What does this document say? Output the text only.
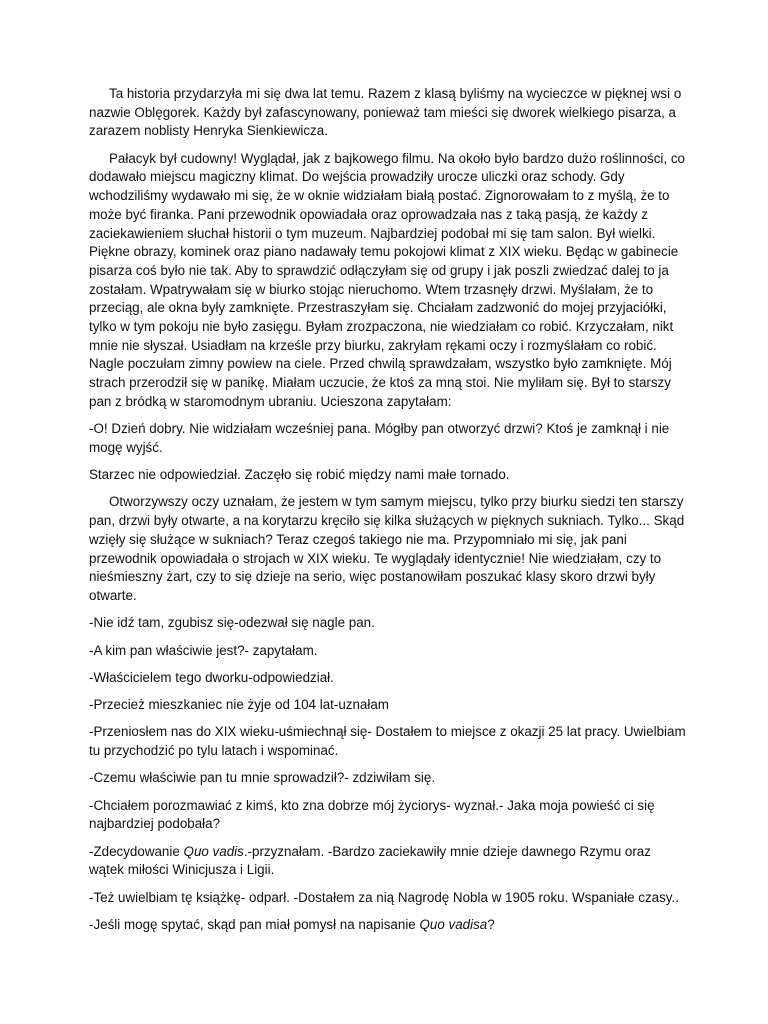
Ta historia przydarzyła mi się dwa lat temu. Razem z klasą byliśmy na wycieczce w pięknej wsi o nazwie Oblęgorek. Każdy był zafascynowany, ponieważ tam mieści się dworek wielkiego pisarza, a zarazem noblisty Henryka Sienkiewicza.

Pałacyk był cudowny! Wyglądał, jak z bajkowego filmu. Na około było bardzo dużo roślinności, co dodawało miejscu magiczny klimat. Do wejścia prowadziły urocze uliczki oraz schody. Gdy wchodziliśmy wydawało mi się, że w oknie widziałam białą postać. Zignorowałam to z myślą, że to może być firanka. Pani przewodnik opowiadała oraz oprowadzała nas z taką pasją, że każdy z zaciekawieniem słuchał historii o tym muzeum. Najbardziej podobał mi się tam salon. Był wielki. Piękne obrazy, kominek oraz piano nadawały temu pokojowi klimat z XIX wieku. Będąc w gabinecie pisarza coś było nie tak. Aby to sprawdzić odłączyłam się od grupy i jak poszli zwiedzać dalej to ja zostałam. Wpatrywałam się w biurko stojąc nieruchomo. Wtem trzasnęły drzwi. Myślałam, że to przeciąg, ale okna były zamknięte. Przestraszyłam się. Chciałam zadzwonić do mojej przyjaciółki, tylko w tym pokoju nie było zasięgu. Byłam zrozpaczona, nie wiedziałam co robić. Krzyczałam, nikt mnie nie słyszał. Usiadłam na krześle przy biurku, zakryłam rękami oczy i rozmyślałam co robić. Nagle poczułam zimny powiew na ciele. Przed chwilą sprawdzałam, wszystko było zamknięte. Mój strach przerodził się w panikę. Miałam uczucie, że ktoś za mną stoi. Nie myliłam się. Był to starszy pan z bródką w staromodnym ubraniu. Ucieszona zapytałam:

-O! Dzień dobry. Nie widziałam wcześniej pana. Mógłby pan otworzyć drzwi? Ktoś je zamknął i nie mogę wyjść.

Starzec nie odpowiedział. Zaczęło się robić między nami małe tornado.

Otworzywszy oczy uznałam, że jestem w tym samym miejscu, tylko przy biurku siedzi ten starszy pan, drzwi były otwarte, a na korytarzu kręciło się kilka służących w pięknych sukniach. Tylko... Skąd wzięły się służące w sukniach? Teraz czegoś takiego nie ma. Przypomniało mi się, jak pani przewodnik opowiadała o strojach w XIX wieku. Te wyglądały identycznie! Nie wiedziałam, czy to nieśmieszny żart, czy to się dzieje na serio, więc postanowiłam poszukać klasy skoro drzwi były otwarte.

-Nie idź tam, zgubisz się-odezwał się nagle pan.

-A kim pan właściwie jest?- zapytałam.

-Właścicielem tego dworku-odpowiedział.

-Przecież mieszkaniec nie żyje od 104 lat-uznałam

-Przeniosłem nas do XIX wieku-uśmiechnął się- Dostałem to miejsce z okazji 25 lat pracy. Uwielbiam tu przychodzić po tylu latach i wspominać.

-Czemu właściwie pan tu mnie sprowadził?- zdziwiłam się.

-Chciałem porozmawiać z kimś, kto zna dobrze mój życiorys- wyznał.- Jaka moja powieść ci się najbardziej podobała?

-Zdecydowanie Quo vadis.-przyznałam. -Bardzo zaciekawiły mnie dzieje dawnego Rzymu oraz wątek miłości Winicjusza i Ligii.

-Też uwielbiam tę książkę- odparł. -Dostałem za nią Nagrodę Nobla w 1905 roku. Wspaniałe czasy..

-Jeśli mogę spytać, skąd pan miał pomysł na napisanie Quo vadisa?
